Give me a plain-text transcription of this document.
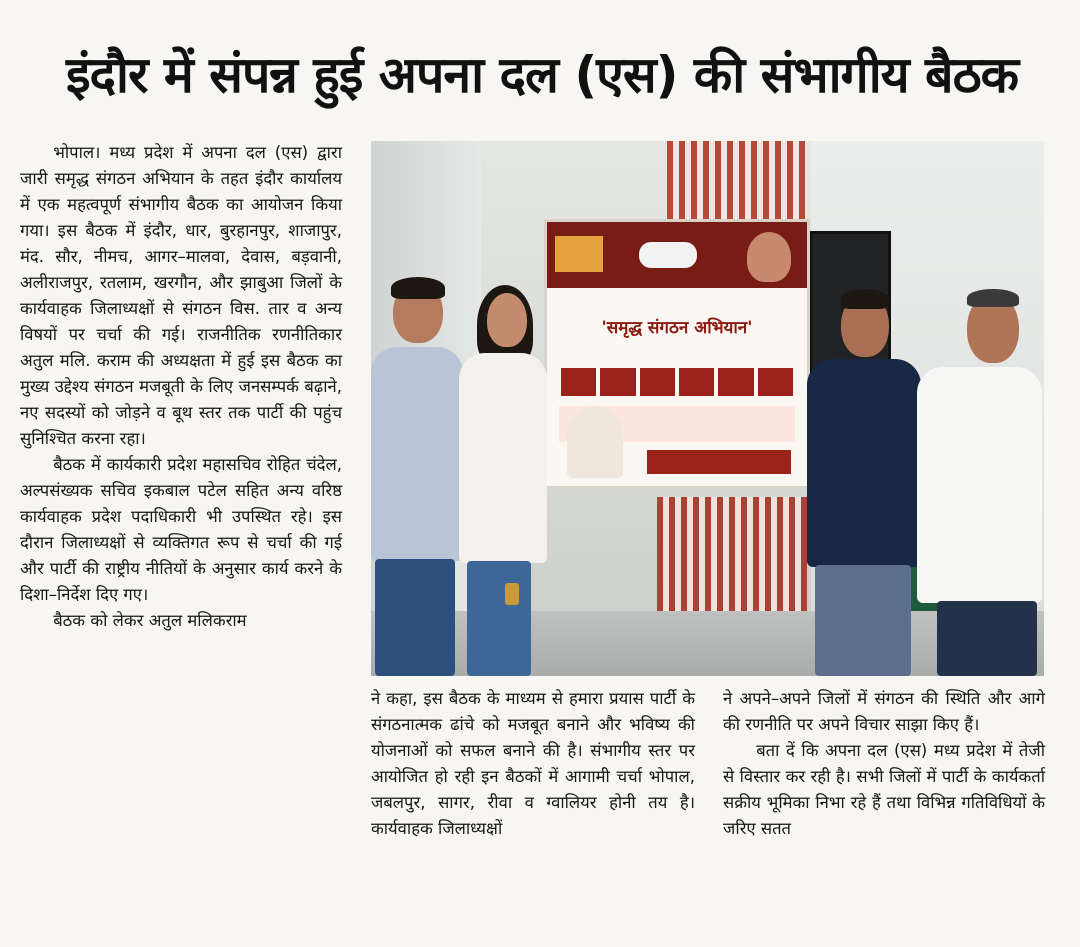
इंदौर में संपन्न हुई अपना दल (एस) की संभागीय बैठक

भोपाल। मध्य प्रदेश में अपना दल (एस) द्वारा जारी समृद्ध संगठन अभियान के तहत इंदौर कार्यालय में एक महत्वपूर्ण संभागीय बैठक का आयोजन किया गया। इस बैठक में इंदौर, धार, बुरहानपुर, शाजापुर, मंद. सौर, नीमच, आगर–मालवा, देवास, बड़वानी, अलीराजपुर, रतलाम, खरगौन, और झाबुआ जिलों के कार्यवाहक जिलाध्यक्षों से संगठन विस. तार व अन्य विषयों पर चर्चा की गई। राजनीतिक रणनीतिकार अतुल मलि. कराम की अध्यक्षता में हुई इस बैठक का मुख्य उद्देश्य संगठन मजबूती के लिए जनसम्पर्क बढ़ाने, नए सदस्यों को जोड़ने व बूथ स्तर तक पार्टी की पहुंच सुनिश्चित करना रहा।

बैठक में कार्यकारी प्रदेश महासचिव रोहित चंदेल, अल्पसंख्यक सचिव इकबाल पटेल सहित अन्य वरिष्ठ कार्यवाहक प्रदेश पदाधिकारी भी उपस्थित रहे। इस दौरान जिलाध्यक्षों से व्यक्तिगत रूप से चर्चा की गई और पार्टी की राष्ट्रीय नीतियों के अनुसार कार्य करने के दिशा–निर्देश दिए गए।

बैठक को लेकर अतुल मलिकराम

'समृद्ध संगठन अभियान'

ने कहा, इस बैठक के माध्यम से हमारा प्रयास पार्टी के संगठनात्मक ढांचे को मजबूत बनाने और भविष्य की योजनाओं को सफल बनाने की है। संभागीय स्तर पर आयोजित हो रही इन बैठकों में आगामी चर्चा भोपाल, जबलपुर, सागर, रीवा व ग्वालियर होनी तय है। कार्यवाहक जिलाध्यक्षों

ने अपने–अपने जिलों में संगठन की स्थिति और आगे की रणनीति पर अपने विचार साझा किए हैं।

बता दें कि अपना दल (एस) मध्य प्रदेश में तेजी से विस्तार कर रही है। सभी जिलों में पार्टी के कार्यकर्ता सक्रीय भूमिका निभा रहे हैं तथा विभिन्न गतिविधियों के जरिए सतत
